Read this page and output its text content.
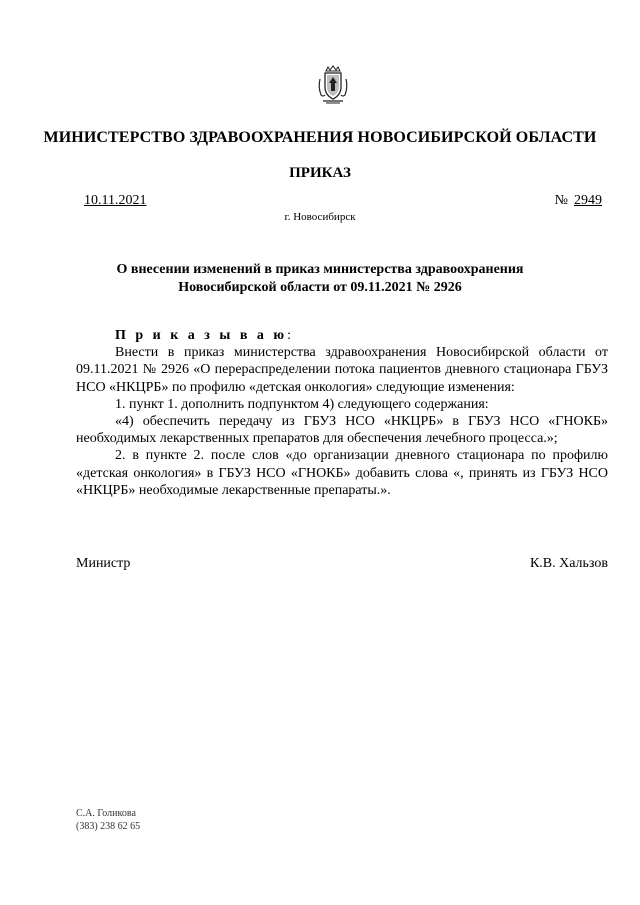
МИНИСТЕРСТВО ЗДРАВООХРАНЕНИЯ НОВОСИБИРСКОЙ ОБЛАСТИ
ПРИКАЗ
10.11.2021	№ 2949
г. Новосибирск
О внесении изменений в приказ министерства здравоохранения
Новосибирской области от 09.11.2021 № 2926

П р и к а з ы в а ю:

Внести в приказ министерства здравоохранения Новосибирской области от 09.11.2021 № 2926 «О перераспределении потока пациентов дневного стационара ГБУЗ НСО «НКЦРБ» по профилю «детская онкология» следующие изменения:

1. пункт 1. дополнить подпунктом 4) следующего содержания:

«4) обеспечить передачу из ГБУЗ НСО «НКЦРБ» в ГБУЗ НСО «ГНОКБ» необходимых лекарственных препаратов для обеспечения лечебного процесса.»;

2. в пункте 2. после слов «до организации дневного стационара по профилю «детская онкология» в ГБУЗ НСО «ГНОКБ» добавить слова «, принять из ГБУЗ НСО «НКЦРБ» необходимые лекарственные препараты.».

Министр	К.В. Хальзов
С.А. Голикова
(383) 238 62 65
